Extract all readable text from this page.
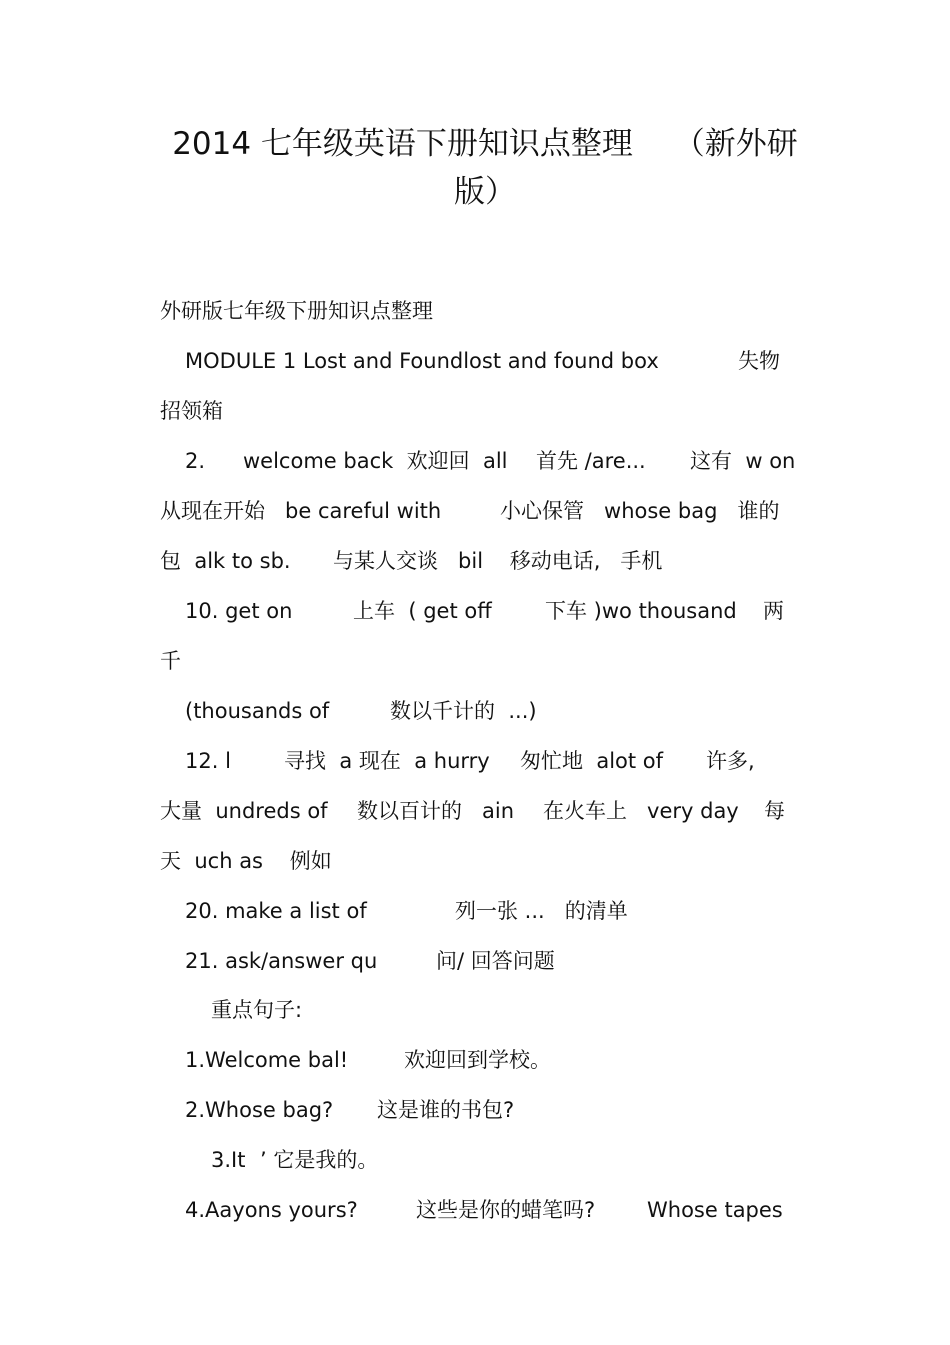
2014 七年级英语下册知识点整理　 （新外研
版）
外研版七年级下册知识点整理

MODULE 1 Lost and Foundlost and found box

	失物

招领箱

2.

welcome back  欢迎回  all

首先 /are...

这有  w on

从现在开始   be careful with

	小心保管   whose bag   谁的

包  alk to sb.

与某人交谈   bil    移动电话,   手机

10. get on

	上车  ( get off

	下车 )wo thousand

两

千

(thousands of

	数以千计的  ...)

12. l

	寻找  a 现在  a hurry

匆忙地  alot of

许多,

大量  undreds of

数以百计的   ain

在火车上   very day

每

天  uch as    例如

20. make a list of

	列一张 ...   的清单

21. ask/answer qu

	问/ 回答问题

重点句子:

1.Welcome bal!

	欢迎回到学校。

2.Whose bag?

这是谁的书包?

3.It

’ 它是我的。

4.Aayons yours?

	这些是你的蜡笔吗?

Whose tapes
